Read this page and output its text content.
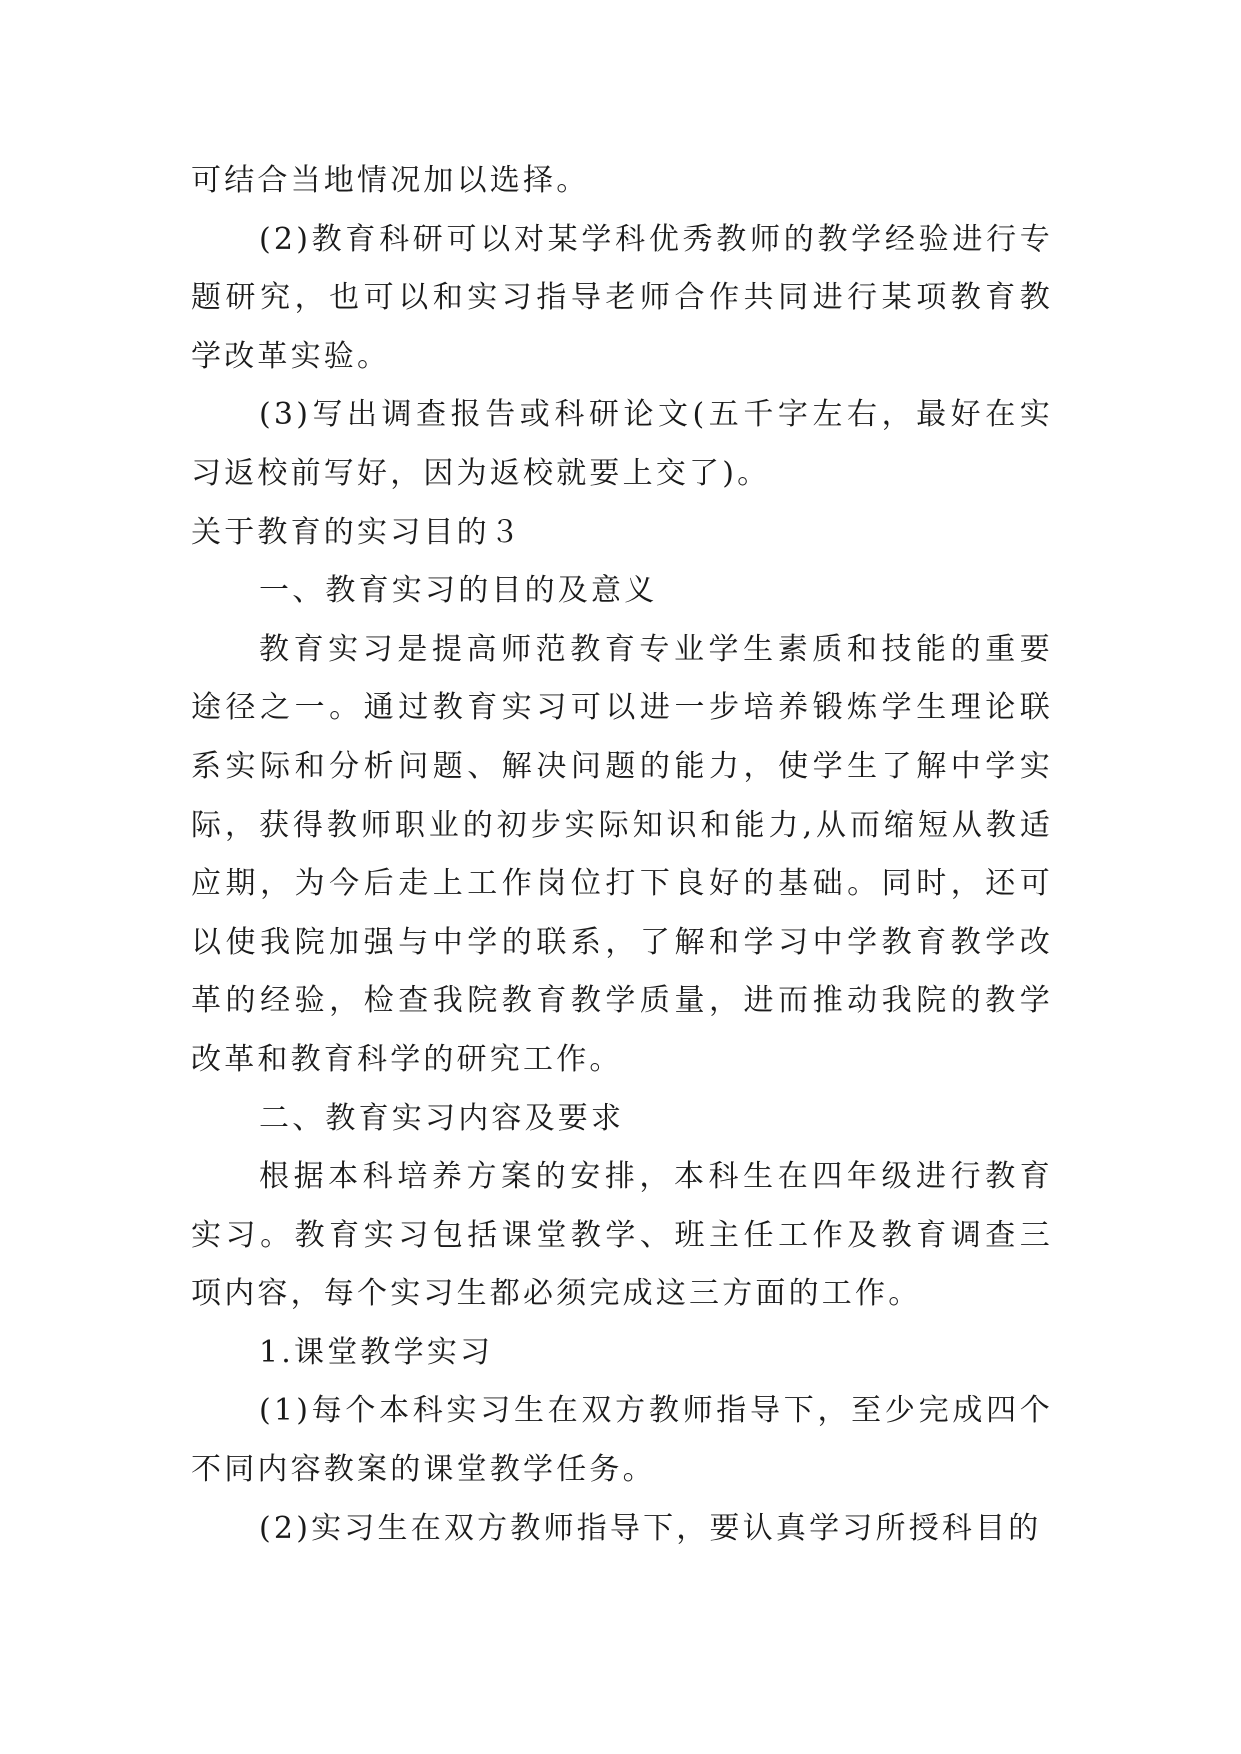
可结合当地情况加以选择。

(2)教育科研可以对某学科优秀教师的教学经验进行专题研究，也可以和实习指导老师合作共同进行某项教育教学改革实验。

(3)写出调查报告或科研论文(五千字左右，最好在实习返校前写好，因为返校就要上交了)。

关于教育的实习目的３

一、教育实习的目的及意义

教育实习是提高师范教育专业学生素质和技能的重要途径之一。通过教育实习可以进一步培养锻炼学生理论联系实际和分析问题、解决问题的能力，使学生了解中学实际，获得教师职业的初步实际知识和能力,从而缩短从教适应期，为今后走上工作岗位打下良好的基础。同时，还可以使我院加强与中学的联系，了解和学习中学教育教学改革的经验，检查我院教育教学质量，进而推动我院的教学改革和教育科学的研究工作。

二、教育实习内容及要求

根据本科培养方案的安排，本科生在四年级进行教育实习。教育实习包括课堂教学、班主任工作及教育调查三项内容，每个实习生都必须完成这三方面的工作。

1.课堂教学实习

(1)每个本科实习生在双方教师指导下，至少完成四个不同内容教案的课堂教学任务。

(2)实习生在双方教师指导下，要认真学习所授科目的
